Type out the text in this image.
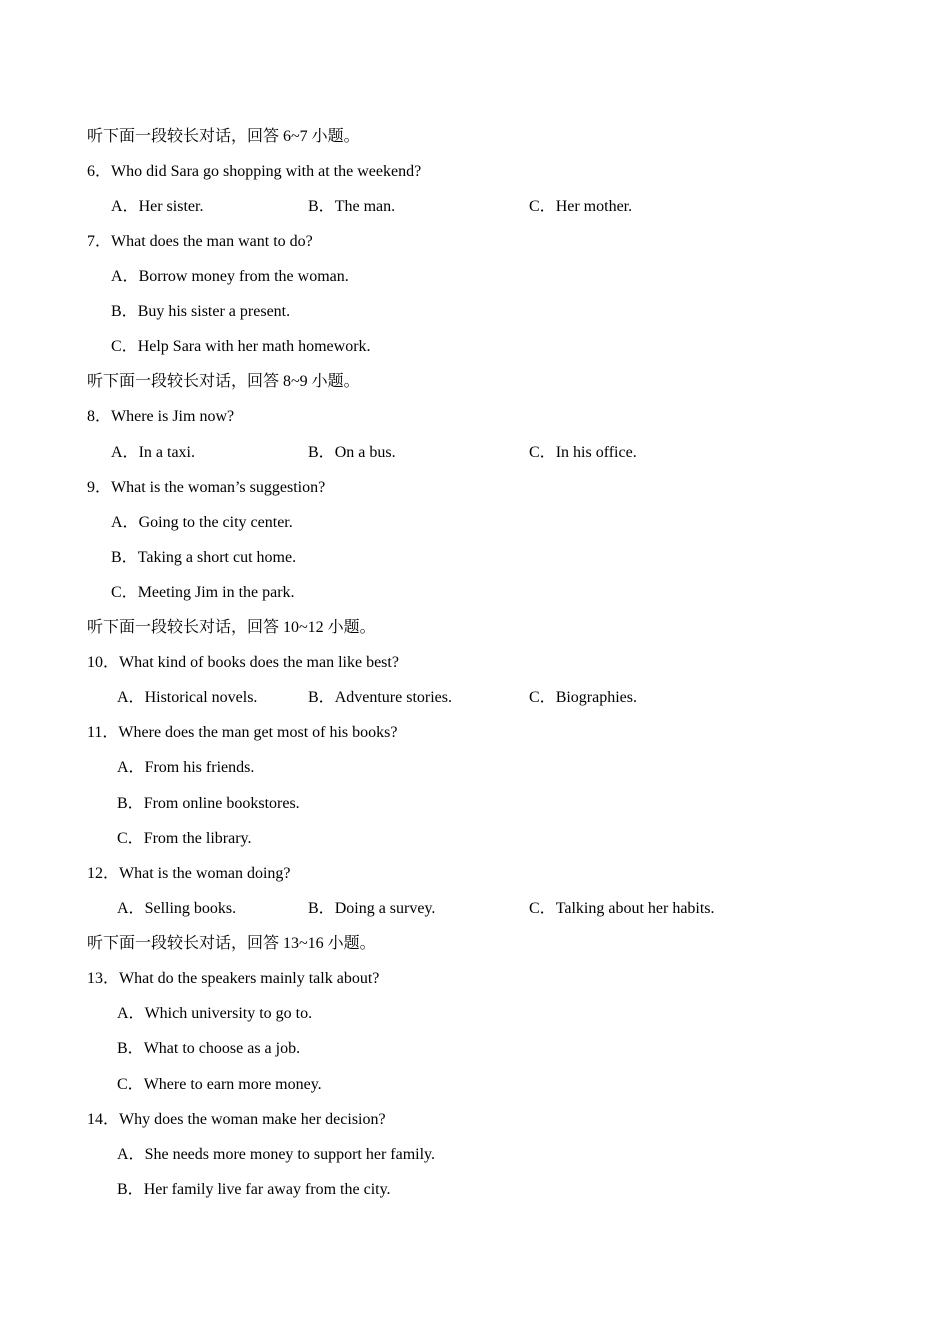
听下面一段较长对话，回答 6~7 小题。
6．Who did Sara go shopping with at the weekend?
A．Her sister.	B．The man.	C．Her mother.
7．What does the man want to do?
A．Borrow money from the woman.
B．Buy his sister a present.
C．Help Sara with her math homework.
听下面一段较长对话，回答 8~9 小题。
8．Where is Jim now?
A．In a taxi.	B．On a bus.	C．In his office.
9．What is the woman’s suggestion?
A．Going to the city center.
B．Taking a short cut home.
C．Meeting Jim in the park.
听下面一段较长对话，回答 10~12 小题。
10．What kind of books does the man like best?
A．Historical novels.	B．Adventure stories.	C．Biographies.
11．Where does the man get most of his books?
A．From his friends.
B．From online bookstores.
C．From the library.
12．What is the woman doing?
A．Selling books.	B．Doing a survey.	C．Talking about her habits.
听下面一段较长对话，回答 13~16 小题。
13．What do the speakers mainly talk about?
A．Which university to go to.
B．What to choose as a job.
C．Where to earn more money.
14．Why does the woman make her decision?
A．She needs more money to support her family.
B．Her family live far away from the city.
